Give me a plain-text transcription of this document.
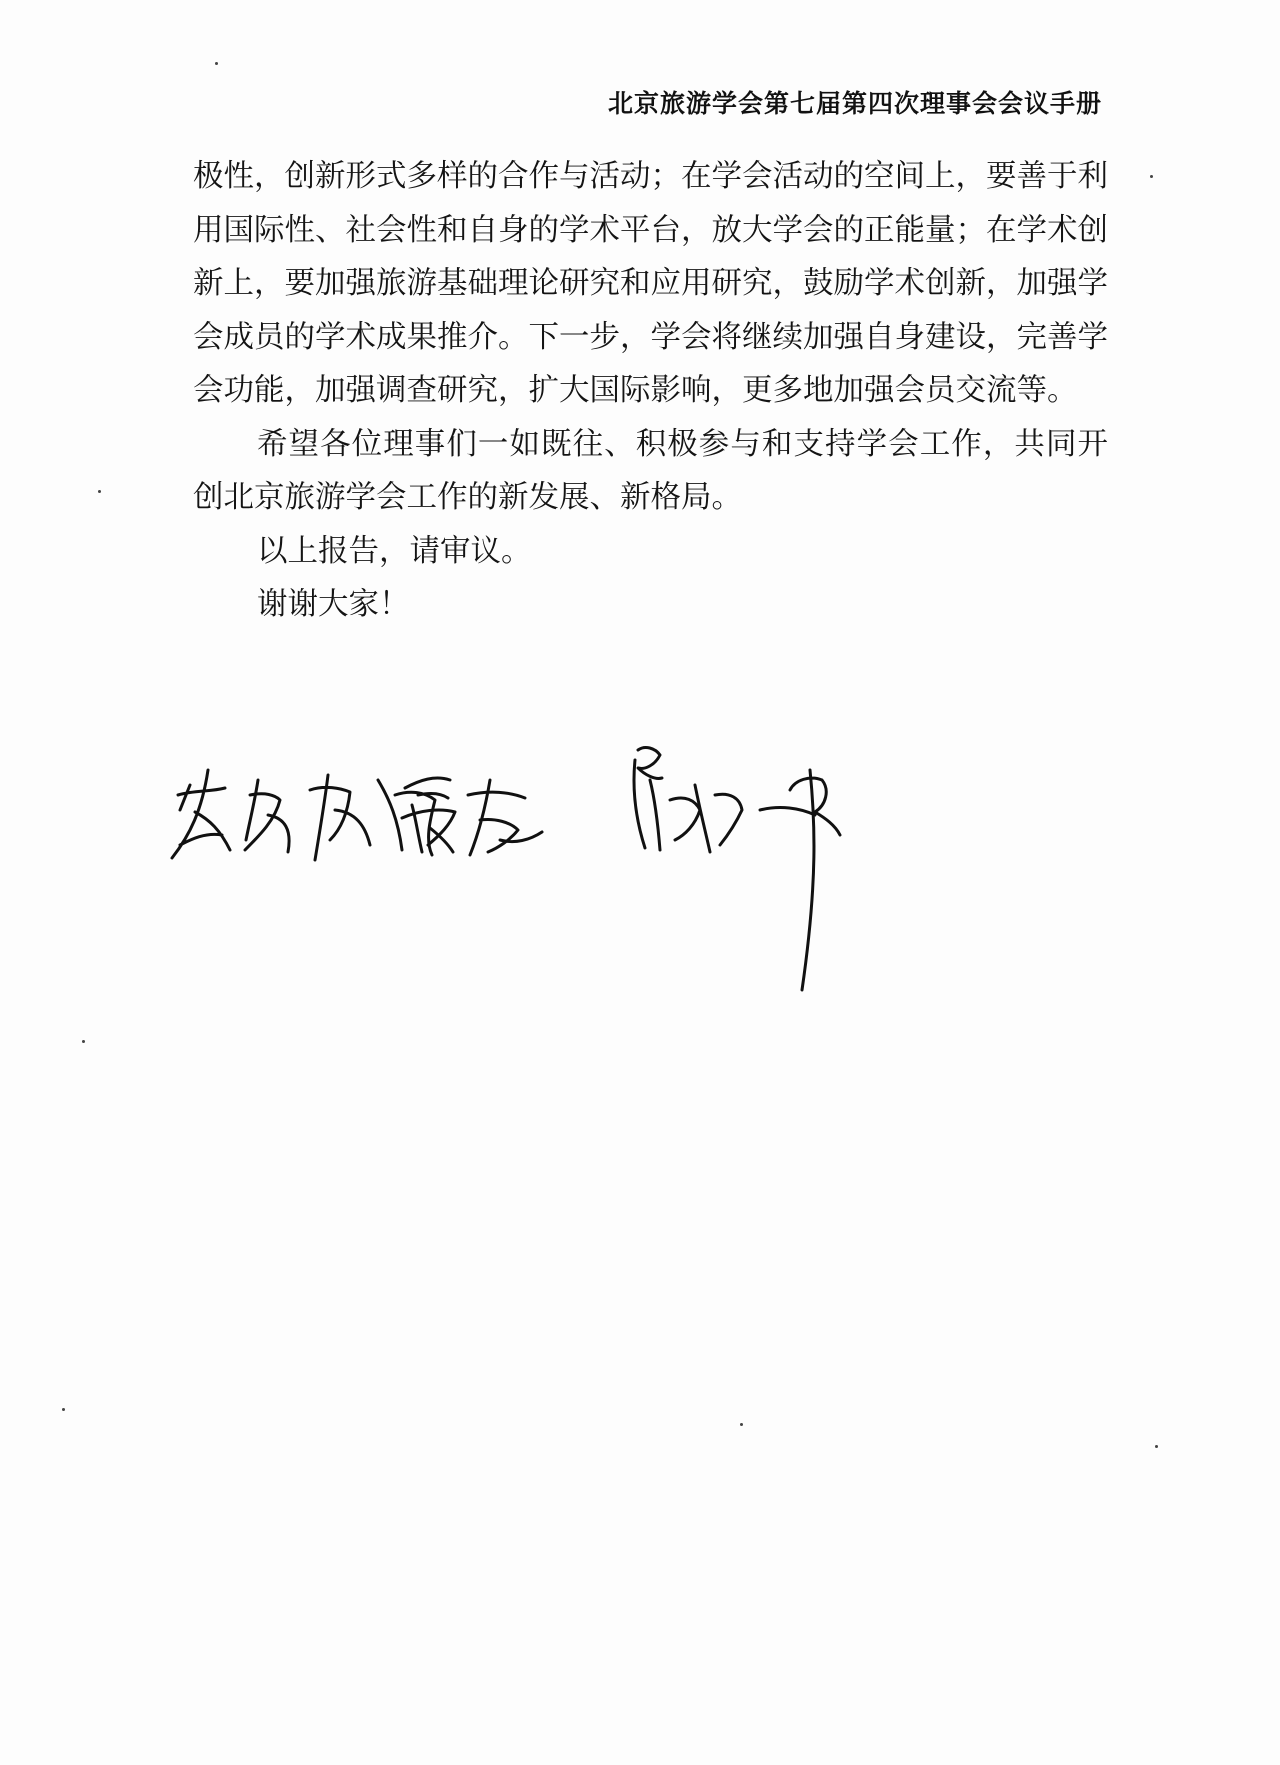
北京旅游学会第七届第四次理事会会议手册

极性，创新形式多样的合作与活动；在学会活动的空间上，要善于利用国际性、社会性和自身的学术平台，放大学会的正能量；在学术创新上，要加强旅游基础理论研究和应用研究，鼓励学术创新，加强学会成员的学术成果推介。下一步，学会将继续加强自身建设，完善学会功能，加强调查研究，扩大国际影响，更多地加强会员交流等。

希望各位理事们一如既往、积极参与和支持学会工作，共同开创北京旅游学会工作的新发展、新格局。

以上报告，请审议。

谢谢大家！
